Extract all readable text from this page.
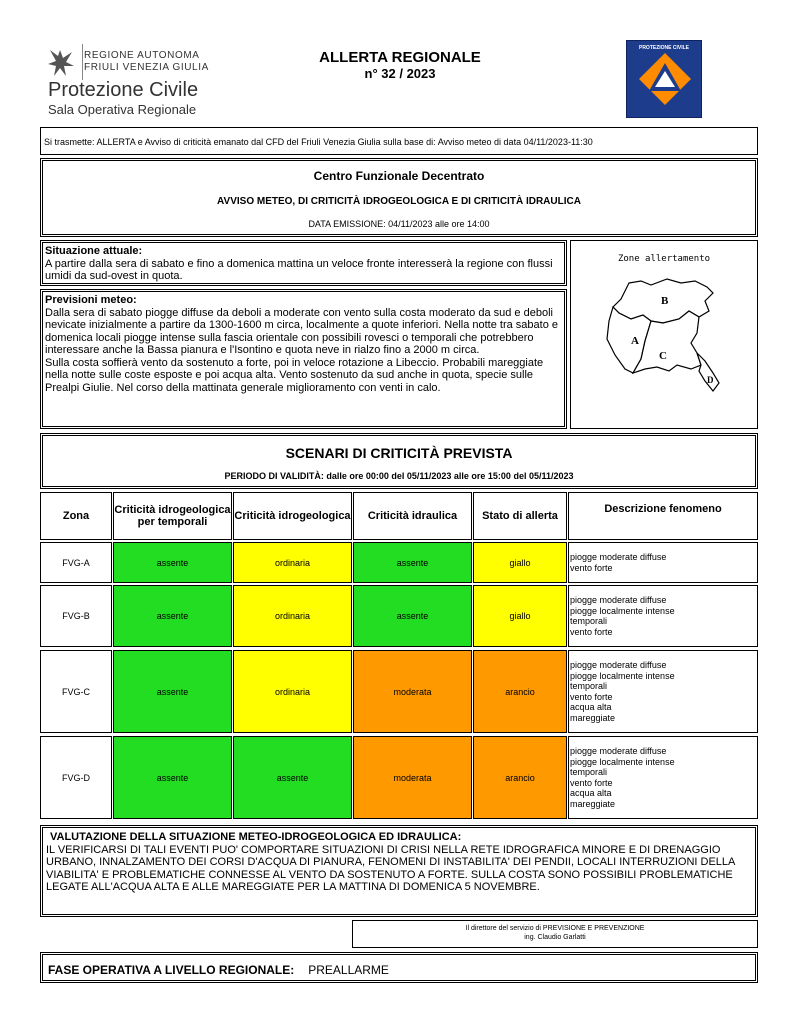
REGIONE AUTONOMA
FRIULI VENEZIA GIULIA
Protezione Civile
Sala Operativa Regionale
ALLERTA REGIONALE
n° 32 / 2023
PROTEZIONE CIVILE
Si trasmette: ALLERTA e Avviso di criticità emanato dal CFD del Friuli Venezia Giulia sulla base di: Avviso meteo di data 04/11/2023-11:30
Centro Funzionale Decentrato
AVVISO METEO, DI CRITICITÀ IDROGEOLOGICA E DI CRITICITÀ IDRAULICA
DATA EMISSIONE: 04/11/2023 alle ore 14:00
Situazione attuale:
A partire dalla sera di sabato e fino a domenica mattina un veloce fronte interesserà la regione con flussi umidi da sud-ovest in quota.
Previsioni meteo:
Dalla sera di sabato piogge diffuse da deboli a moderate con vento sulla costa moderato da sud e deboli nevicate inizialmente a partire da 1300-1600 m circa, localmente a quote inferiori. Nella notte tra sabato e domenica locali piogge intense sulla fascia orientale con possibili rovesci o temporali che potrebbero interessare anche la Bassa pianura e l'Isontino e quota neve in rialzo fino a 2000 m circa.
Sulla costa soffierà vento da sostenuto a forte, poi in veloce rotazione a Libeccio. Probabili mareggiate nella notte sulle coste esposte e poi acqua alta. Vento sostenuto da sud anche in quota, specie sulle Prealpi Giulie. Nel corso della mattinata generale miglioramento con venti in calo.
Zone allertamento
A
B
C
D
SCENARI DI CRITICITÀ PREVISTA
PERIODO DI VALIDITÀ: dalle ore 00:00 del 05/11/2023 alle ore 15:00 del 05/11/2023
Zona	Criticità idrogeologica per temporali	Criticità idrogeologica	Criticità idraulica	Stato di allerta
Descrizione fenomeno
FVG-A	assente	ordinaria	assente	giallo
piogge moderate diffuse
vento forte
FVG-B	assente	ordinaria	assente	giallo
piogge moderate diffuse
piogge localmente intense
temporali
vento forte
FVG-C	assente	ordinaria	moderata	arancio
piogge moderate diffuse
piogge localmente intense
temporali
vento forte
acqua alta
mareggiate
FVG-D	assente	assente	moderata	arancio
piogge moderate diffuse
piogge localmente intense
temporali
vento forte
acqua alta
mareggiate
VALUTAZIONE DELLA SITUAZIONE METEO-IDROGEOLOGICA ED IDRAULICA:
IL VERIFICARSI DI TALI EVENTI PUO' COMPORTARE SITUAZIONI DI CRISI NELLA RETE IDROGRAFICA MINORE E DI DRENAGGIO URBANO, INNALZAMENTO DEI CORSI D'ACQUA DI PIANURA, FENOMENI DI INSTABILITA' DEI PENDII, LOCALI INTERRUZIONI DELLA VIABILITA' E PROBLEMATICHE CONNESSE AL VENTO DA SOSTENUTO A FORTE. SULLA COSTA SONO POSSIBILI PROBLEMATICHE LEGATE ALL'ACQUA ALTA E ALLE MAREGGIATE PER LA MATTINA DI DOMENICA 5 NOVEMBRE.
Il direttore del servizio di PREVISIONE E PREVENZIONE
ing. Claudio Garlatti
FASE OPERATIVA A LIVELLO REGIONALE: PREALLARME
